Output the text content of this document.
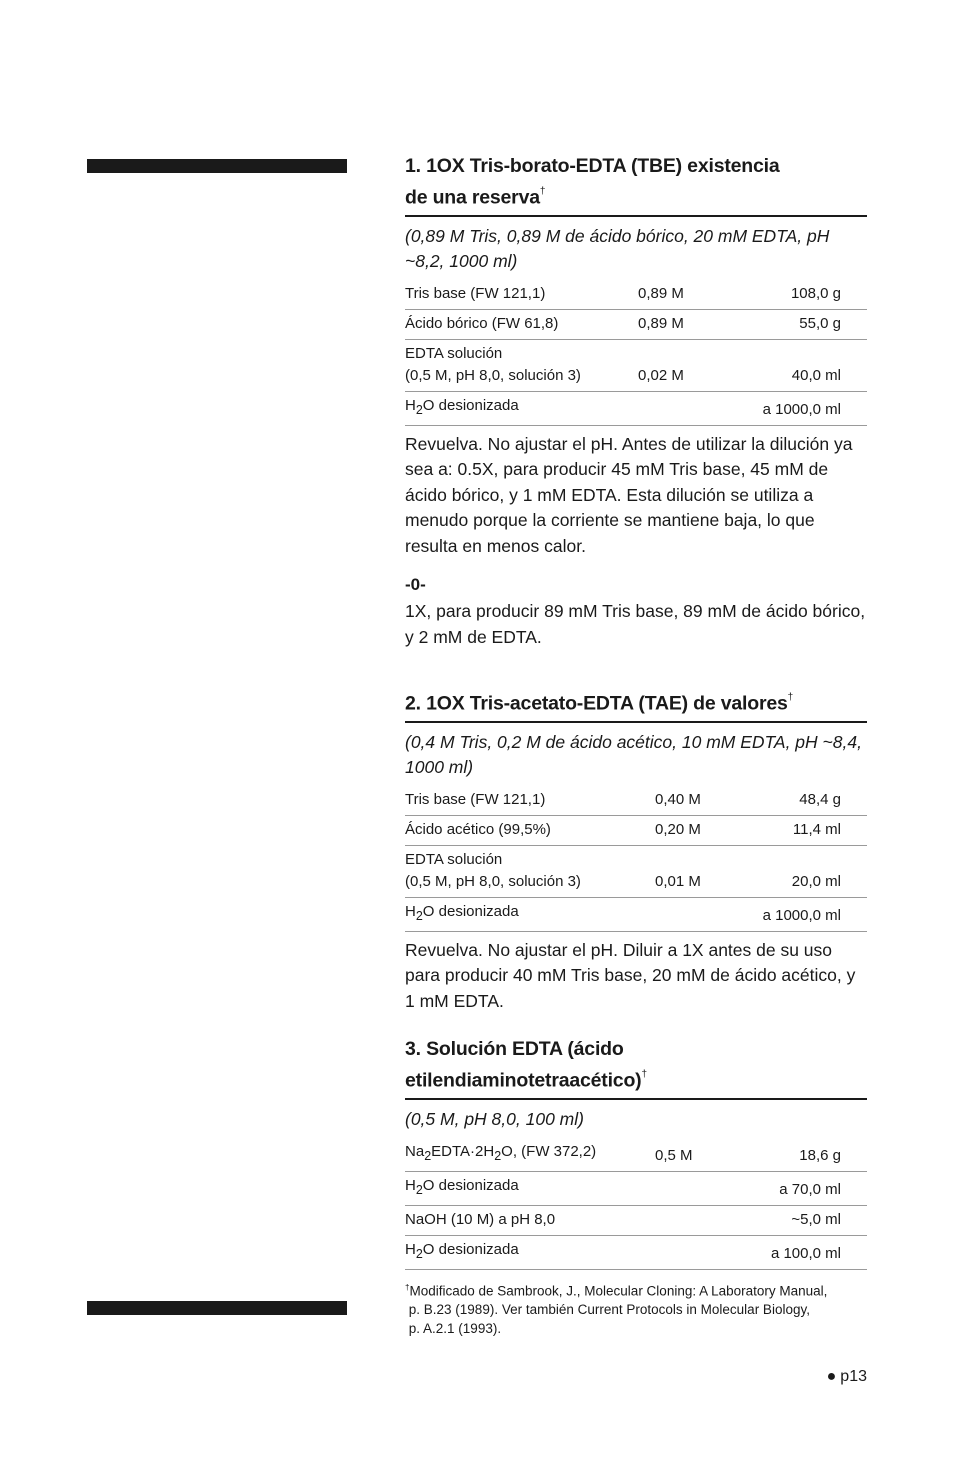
1. 1OX Tris-borato-EDTA (TBE) existencia
de una reserva†
(0,89 M Tris, 0,89 M de ácido bórico, 20 mM EDTA, pH ~8,2, 1000 ml)
Tris base (FW 121,1)	0,89 M	108,0 g
Ácido bórico (FW 61,8)	0,89 M	55,0 g
EDTA solución
(0,5 M, pH 8,0, solución 3)	0,02 M	40,0 ml
$H_2O$ desionizada		a 1000,0 ml
Revuelva. No ajustar el pH. Antes de utilizar la dilución ya sea a: 0.5X, para producir 45 mM Tris base, 45 mM de ácido bórico, y 1 mM EDTA. Esta dilución se utiliza a menudo porque la corriente se mantiene baja, lo que resulta en menos calor.
-0-
1X, para producir 89 mM Tris base, 89 mM de ácido bórico, y 2 mM de EDTA.
2. 1OX Tris-acetato-EDTA (TAE) de valores†
(0,4 M Tris, 0,2 M de ácido acético, 10 mM EDTA, pH ~8,4, 1000 ml)
Tris base (FW 121,1)	0,40 M	48,4 g
Ácido acético (99,5%)	0,20 M	11,4 ml
EDTA solución
(0,5 M, pH 8,0, solución 3)	0,01 M	20,0 ml
$H_2O$ desionizada		a 1000,0 ml
Revuelva. No ajustar el pH. Diluir a 1X antes de su uso para producir 40 mM Tris base, 20 mM de ácido acético, y 1 mM EDTA.
3. Solución EDTA (ácido etilendiaminotetraacético)†
(0,5 M, pH 8,0, 100 ml)
$Na_2EDTA\cdot 2H_2O$, (FW 372,2)	0,5 M	18,6 g
$H_2O$ desionizada		a 70,0 ml
NaOH (10 M) a pH 8,0		~5,0 ml
$H_2O$ desionizada		a 100,0 ml
†Modificado de Sambrook, J., Molecular Cloning: A Laboratory Manual,
p. B.23 (1989). Ver también Current Protocols in Molecular Biology,
p. A.2.1 (1993).
● p13
